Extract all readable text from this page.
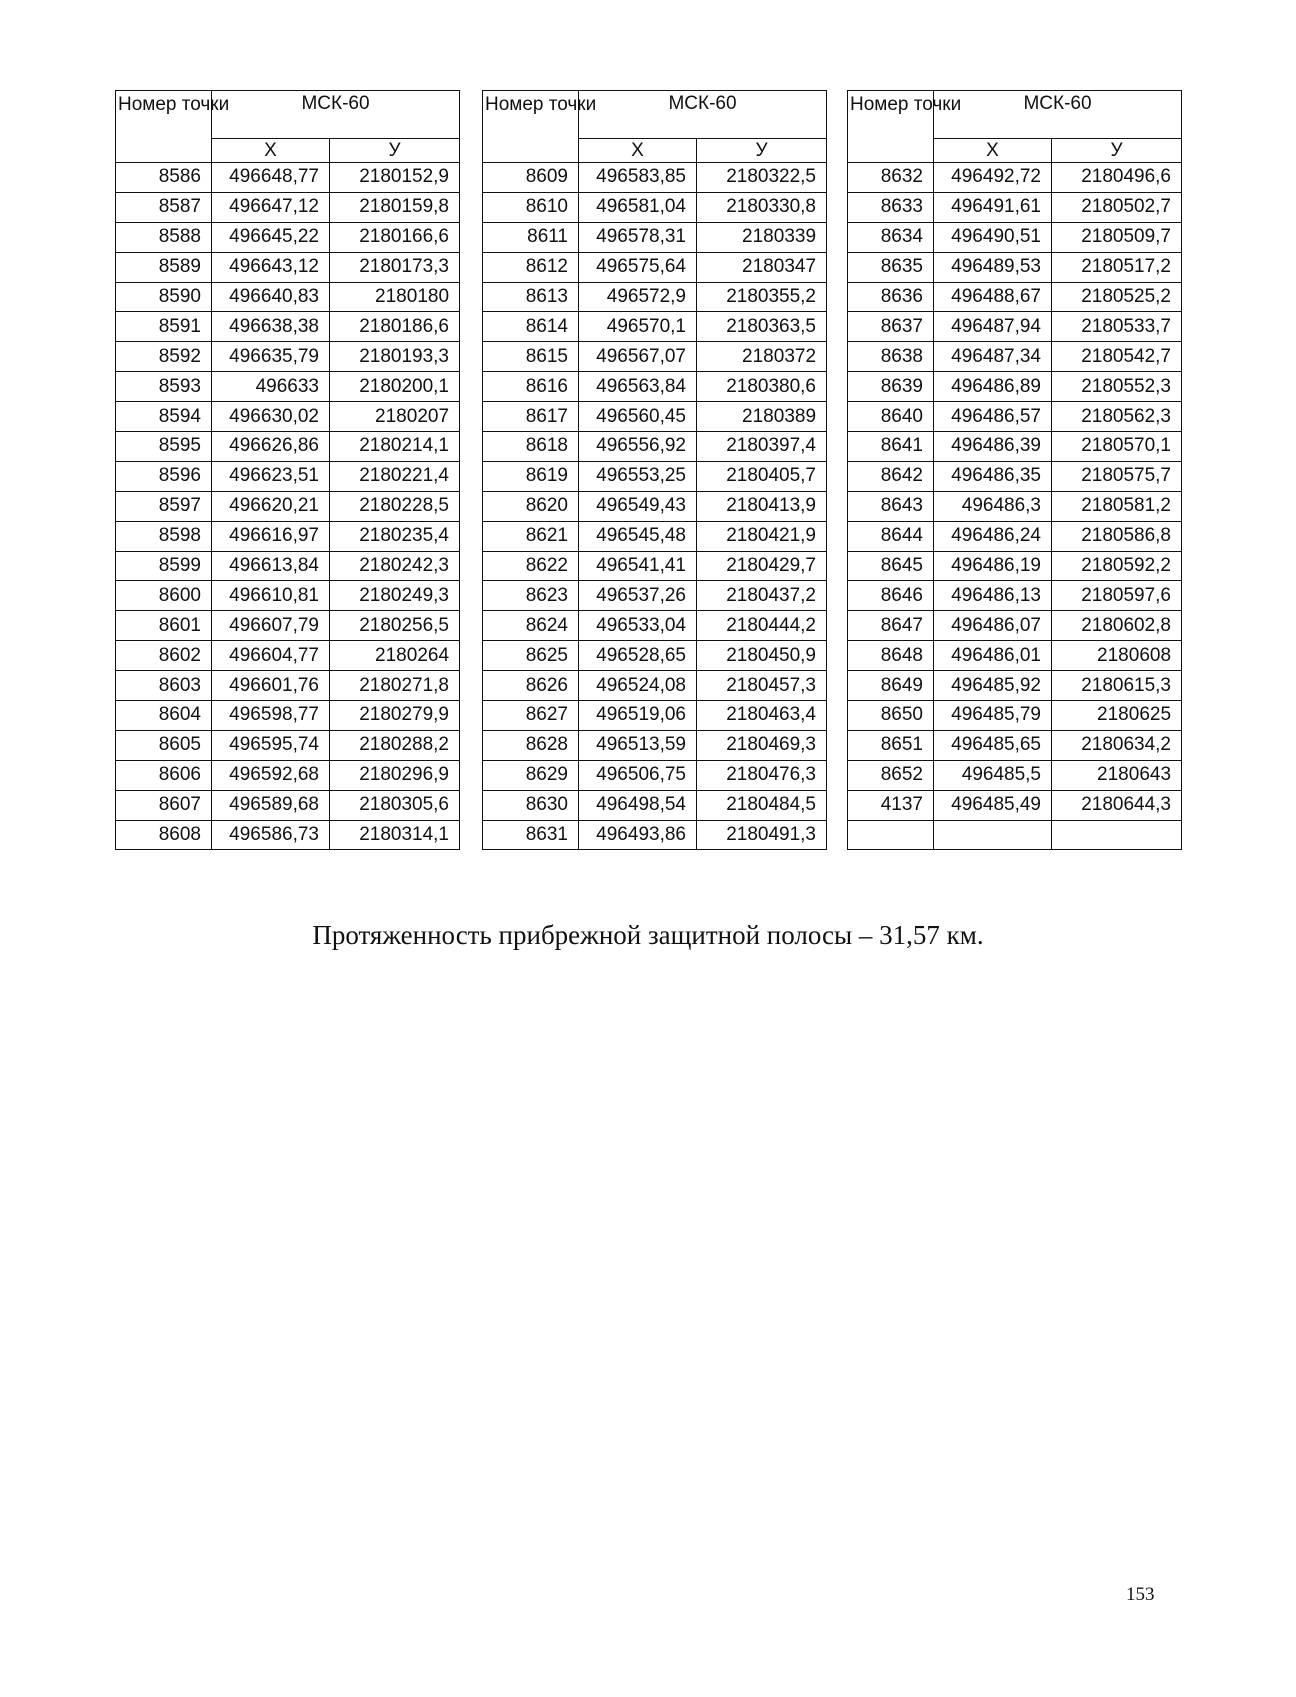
Номер точки	МСК-60	
	Х	У
8586	496648,77	2180152,9
8587	496647,12	2180159,8
8588	496645,22	2180166,6
8589	496643,12	2180173,3
8590	496640,83	2180180
8591	496638,38	2180186,6
8592	496635,79	2180193,3
8593	496633	2180200,1
8594	496630,02	2180207
8595	496626,86	2180214,1
8596	496623,51	2180221,4
8597	496620,21	2180228,5
8598	496616,97	2180235,4
8599	496613,84	2180242,3
8600	496610,81	2180249,3
8601	496607,79	2180256,5
8602	496604,77	2180264
8603	496601,76	2180271,8
8604	496598,77	2180279,9
8605	496595,74	2180288,2
8606	496592,68	2180296,9
8607	496589,68	2180305,6
8608	496586,73	2180314,1
Номер точки	МСК-60	
	Х	У
8609	496583,85	2180322,5
8610	496581,04	2180330,8
8611	496578,31	2180339
8612	496575,64	2180347
8613	496572,9	2180355,2
8614	496570,1	2180363,5
8615	496567,07	2180372
8616	496563,84	2180380,6
8617	496560,45	2180389
8618	496556,92	2180397,4
8619	496553,25	2180405,7
8620	496549,43	2180413,9
8621	496545,48	2180421,9
8622	496541,41	2180429,7
8623	496537,26	2180437,2
8624	496533,04	2180444,2
8625	496528,65	2180450,9
8626	496524,08	2180457,3
8627	496519,06	2180463,4
8628	496513,59	2180469,3
8629	496506,75	2180476,3
8630	496498,54	2180484,5
8631	496493,86	2180491,3
Номер точки	МСК-60	
	Х	У
8632	496492,72	2180496,6
8633	496491,61	2180502,7
8634	496490,51	2180509,7
8635	496489,53	2180517,2
8636	496488,67	2180525,2
8637	496487,94	2180533,7
8638	496487,34	2180542,7
8639	496486,89	2180552,3
8640	496486,57	2180562,3
8641	496486,39	2180570,1
8642	496486,35	2180575,7
8643	496486,3	2180581,2
8644	496486,24	2180586,8
8645	496486,19	2180592,2
8646	496486,13	2180597,6
8647	496486,07	2180602,8
8648	496486,01	2180608
8649	496485,92	2180615,3
8650	496485,79	2180625
8651	496485,65	2180634,2
8652	496485,5	2180643
4137	496485,49	2180644,3

Протяженность прибрежной защитной полосы – 31,57 км.
153
